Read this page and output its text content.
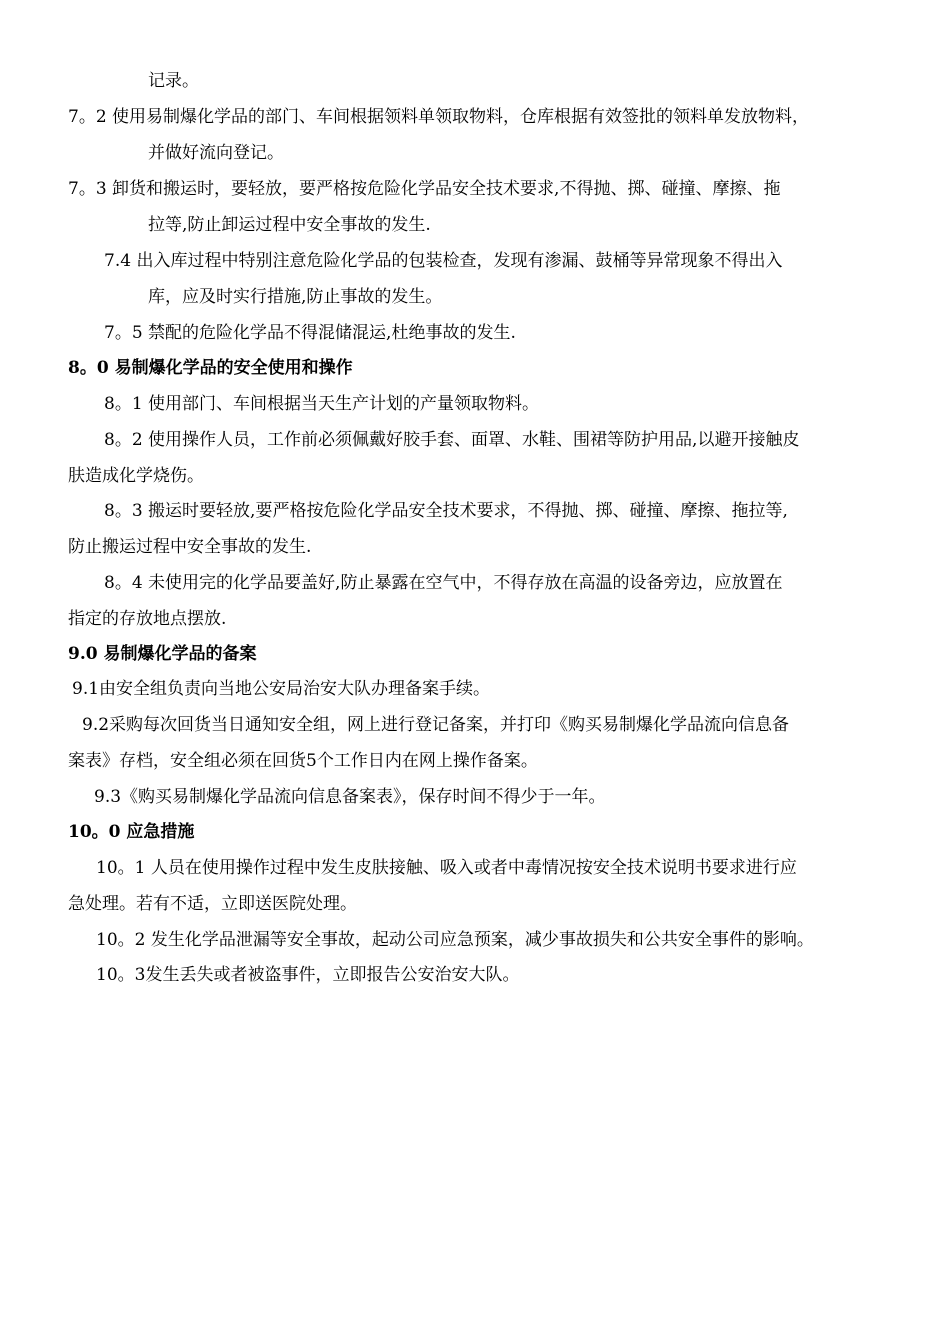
记录。
7。2 使用易制爆化学品的部门、车间根据领料单领取物料，仓库根据有效签批的领料单发放物料，
并做好流向登记。
7。3 卸货和搬运时，要轻放，要严格按危险化学品安全技术要求,不得抛、掷、碰撞、摩擦、拖
拉等,防止卸运过程中安全事故的发生.
7.4 出入库过程中特别注意危险化学品的包装检查，发现有渗漏、鼓桶等异常现象不得出入
库，应及时实行措施,防止事故的发生。
7。5 禁配的危险化学品不得混储混运,杜绝事故的发生.
8。0 易制爆化学品的安全使用和操作
8。1 使用部门、车间根据当天生产计划的产量领取物料。
8。2 使用操作人员，工作前必须佩戴好胶手套、面罩、水鞋、围裙等防护用品,以避开接触皮
肤造成化学烧伤。
8。3 搬运时要轻放,要严格按危险化学品安全技术要求，不得抛、掷、碰撞、摩擦、拖拉等,
防止搬运过程中安全事故的发生.
8。4 未使用完的化学品要盖好,防止暴露在空气中，不得存放在高温的设备旁边，应放置在
指定的存放地点摆放.
9.0 易制爆化学品的备案
9.1由安全组负责向当地公安局治安大队办理备案手续。
9.2采购每次回货当日通知安全组，网上进行登记备案，并打印《购买易制爆化学品流向信息备
案表》存档，安全组必须在回货5个工作日内在网上操作备案。
9.3《购买易制爆化学品流向信息备案表》，保存时间不得少于一年。
10。0 应急措施
10。1 人员在使用操作过程中发生皮肤接触、吸入或者中毒情况按安全技术说明书要求进行应
急处理。若有不适，立即送医院处理。
10。2 发生化学品泄漏等安全事故，起动公司应急预案，减少事故损失和公共安全事件的影响。
10。3发生丢失或者被盗事件，立即报告公安治安大队。
